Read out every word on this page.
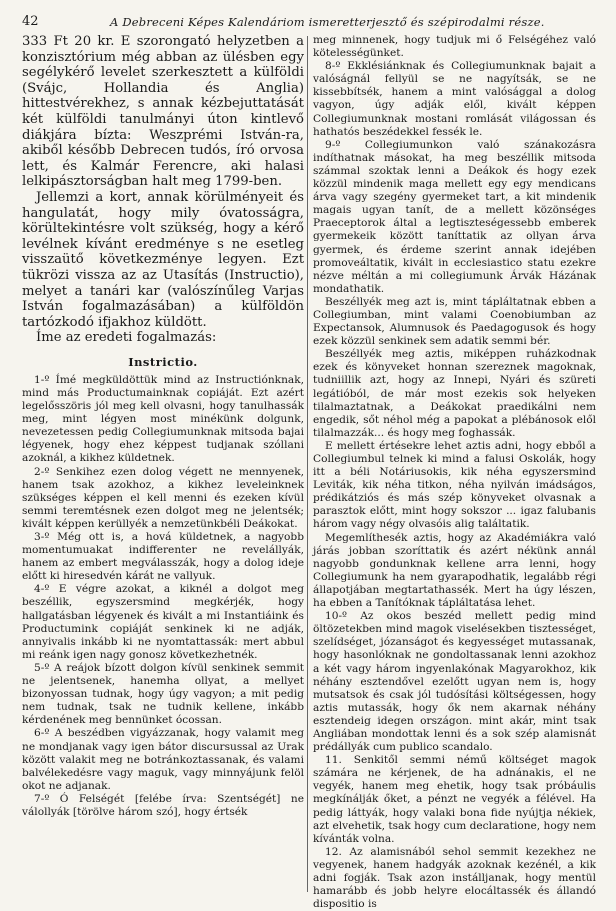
42	A Debreceni Képes Kalendáriom ismeretterjesztő és szépirodalmi része.

333 Ft 20 kr. E szorongató helyzetben a konzisztórium még abban az ülésben egy segélykérő levelet szerkesztett a külföldi (Svájc, Hollandia és Anglia) hittestvérekhez, s annak kézbejuttatását két külföldi tanulmányi úton kintlevő diákjára bízta: Weszprémi István-ra, akiből később Debrecen tudós, író orvosa lett, és Kalmár Ferencre, aki halasi lelkipásztorságban halt meg 1799-ben.

Jellemzi a kort, annak körülményeit és hangulatát, hogy mily óvatosságra, körültekintésre volt szükség, hogy a kérő levélnek kívánt eredménye s ne esetleg visszaütő következménye legyen. Ezt tükrözi vissza az az Utasítás (Instructio), melyet a tanári kar (valószínűleg Varjas István fogalmazásában) a külföldön tartózkodó ifjakhoz küldött.

Íme az eredeti fogalmazás:

Instrictio.

1-º Ímé megküldöttük mind az Instructiónknak, mind más Productumainknak copiáját. Ezt azért legelősszöris jól meg kell olvasni, hogy tanulhassák meg, mint légyen most minékünk dolgunk, nevezetessen pedig Collegiumunknak mitsoda bajai légyenek, hogy ehez képpest tudjanak szóllani azoknál, a kikhez küldetnek.

2-º Senkihez ezen dolog végett ne mennyenek, hanem tsak azokhoz, a kikhez leveleinknek szükséges képpen el kell menni és ezeken kívül semmi teremtésnek ezen dolgot meg ne jelentsék; kivált képpen kerüllyék a nemzetünkbéli Deákokat.

3-º Még ott is, a hová küldetnek, a nagyobb momentumuakat indifferenter ne revelállyák, hanem az embert megválasszák, hogy a dolog ideje előtt ki hiresedvén kárát ne vallyuk.

4-º E végre azokat, a kiknél a dolgot meg beszéllik, egyszersmind megkérjék, hogy hallgatásban légyenek és kivált a mi Instantiáink és Productumink copiáját senkinek ki ne adják, annyivalis inkább ki ne nyomtattassák: mert abbul mi reánk igen nagy gonosz következhetnék.

5-º A reájok bízott dolgon kívül senkinek semmit ne jelentsenek, hanemha ollyat, a mellyet bizonyossan tudnak, hogy úgy vagyon; a mit pedig nem tudnak, tsak ne tudnik kellene, inkább kérdenének meg bennünket ócossan.

6-º A beszédben vigyázzanak, hogy valamit meg ne mondjanak vagy igen bátor discursussal az Urak között valakit meg ne botránkoztassanak, és valami balvélekedésre vagy maguk, vagy minnyájunk felöl okot ne adjanak.

7-º Ó Felségét [felébe írva: Szentségét] ne válollyák [törölve három szó], hogy értsék

meg minnenek, hogy tudjuk mi ő Felségéhez való kötelességünket.

8-º Ekklésiánknak és Collegiumunknak bajait a valóságnál fellyül se ne nagyítsák, se ne kissebbítsék, hanem a mint valósággal a dolog vagyon, úgy adják elől, kivált képpen Collegiumunknak mostani romlását világossan és hathatós beszédekkel fessék le.

9-º Collegiumunkon való szánakozásra indíthatnak másokat, ha meg beszéllik mitsoda számmal szoktak lenni a Deákok és hogy ezek közzül mindenik maga mellett egy egy mendicans árva vagy szegény gyermeket tart, a kit mindenik magais ugyan tanít, de a mellett közönséges Praeceptorok által a legtiszteségessebb emberek gyermekeik között taníttatik az ollyan árva gyermek, és érdeme szerint annak idejében promoveáltatik, kivált in ecclesiastico statu ezekre nézve méltán a mi collegiumunk Árvák Házának mondathatik.

Beszéllyék meg azt is, mint tápláltatnak ebben a Collegiumban, mint valami Coenobiumban az Expectansok, Alumnusok és Paedagogusok és hogy ezek közzül senkinek sem adatik semmi bér.

Beszéllyék meg aztis, miképpen ruházkodnak ezek és könyveket honnan szereznek magoknak, tudniillik azt, hogy az Innepi, Nyári és szüreti legátióból, de már most ezekis sok helyeken tilalmaztatnak, a Deákokat praedikálni nem engedik, sőt néhol még a papokat a plébánosok elől tilalmazzák... és hogy meg foghassák.

E mellett értésekre lehet aztis adni, hogy ebből a Collegiumbul telnek ki mind a falusi Oskolák, hogy itt a béli Notáriusokis, kik néha egyszersmind Leviták, kik néha titkon, néha nyilván imádságos, prédikátziós és más szép könyveket olvasnak a parasztok előtt, mint hogy sokszor ... igaz falubanis három vagy négy olvasóis alig találtatik.

Megemlíthesék aztis, hogy az Akadémiákra való járás jobban szoríttatik és azért nékünk annál nagyobb gondunknak kellene arra lenni, hogy Collegiumunk ha nem gyarapodhatik, legalább régi állapotjában megtartathassék. Mert ha úgy lészen, ha ebben a Tanítóknak tápláltatása lehet.

10-º Az okos beszéd mellett pedig mind öltözetekben mind magok viselésekben tisztességet, szelídséget, józanságot és kegyességet mutassanak, hogy hasonlóknak ne gondoltassanak lenni azokhoz a két vagy három ingyenlakónak Magyarokhoz, kik néhány esztendővel ezelőtt ugyan nem is, hogy mutsatsok és csak jól tudósítási költségessen, hogy aztis mutassák, hogy ők nem akarnak néhány esztendeig idegen országon. mint akár, mint tsak Angliában mondottak lenni és a sok szép alamisnát prédállyák cum publico scandalo.

11. Senkitől semmi némű költséget magok számára ne kérjenek, de ha adnánakis, el ne vegyék, hanem meg ehetik, hogy tsak próbáulis megkínálják őket, a pénzt ne vegyék a félével. Ha pedig láttyák, hogy valaki bona fide nyújtja nékiek, azt elvehetik, tsak hogy cum declaratione, hogy nem kívánták volna.

12. Az alamisnából sehol semmit kezekhez ne vegyenek, hanem hadgyák azoknak kezénél, a kik adni fogják. Tsak azon instálljanak, hogy mentül hamarább és jobb helyre elocáltassék és állandó dispositio is
